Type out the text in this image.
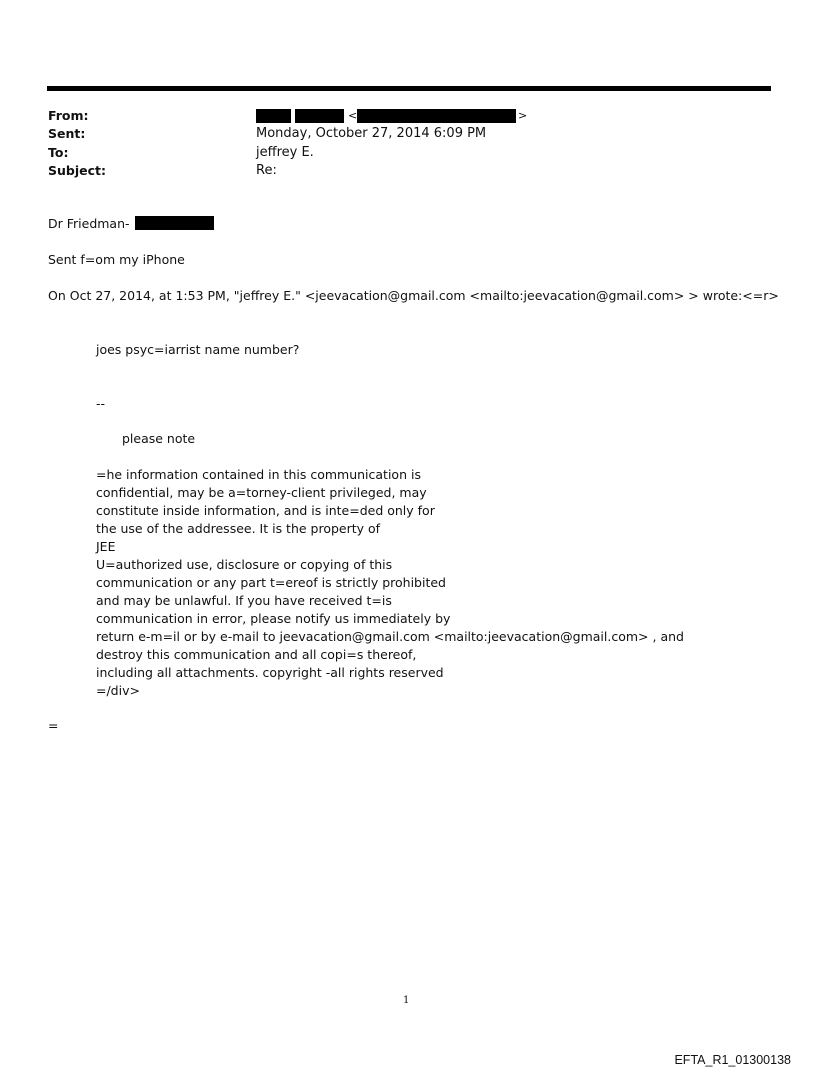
From:	<	>
Sent:	Monday, October 27, 2014 6:09 PM
To:	jeffrey E.
Subject:	Re:
Dr Friedman-
Sent f=om my iPhone
On Oct 27, 2014, at 1:53 PM, "jeffrey E." <jeevacation@gmail.com <mailto:jeevacation@gmail.com> > wrote:<=r>
joes psyc=iarrist name number?
--
please note
=he information contained in this communication is
confidential, may be a=torney-client privileged, may
constitute inside information, and is inte=ded only for
the use of the addressee. It is the property of
JEE
U=authorized use, disclosure or copying of this
communication or any part t=ereof is strictly prohibited
and may be unlawful. If you have received t=is
communication in error, please notify us immediately by
return e-m=il or by e-mail to jeevacation@gmail.com <mailto:jeevacation@gmail.com> , and
destroy this communication and all copi=s thereof,
including all attachments. copyright -all rights reserved
=/div>
=
1
EFTA_R1_01300138
